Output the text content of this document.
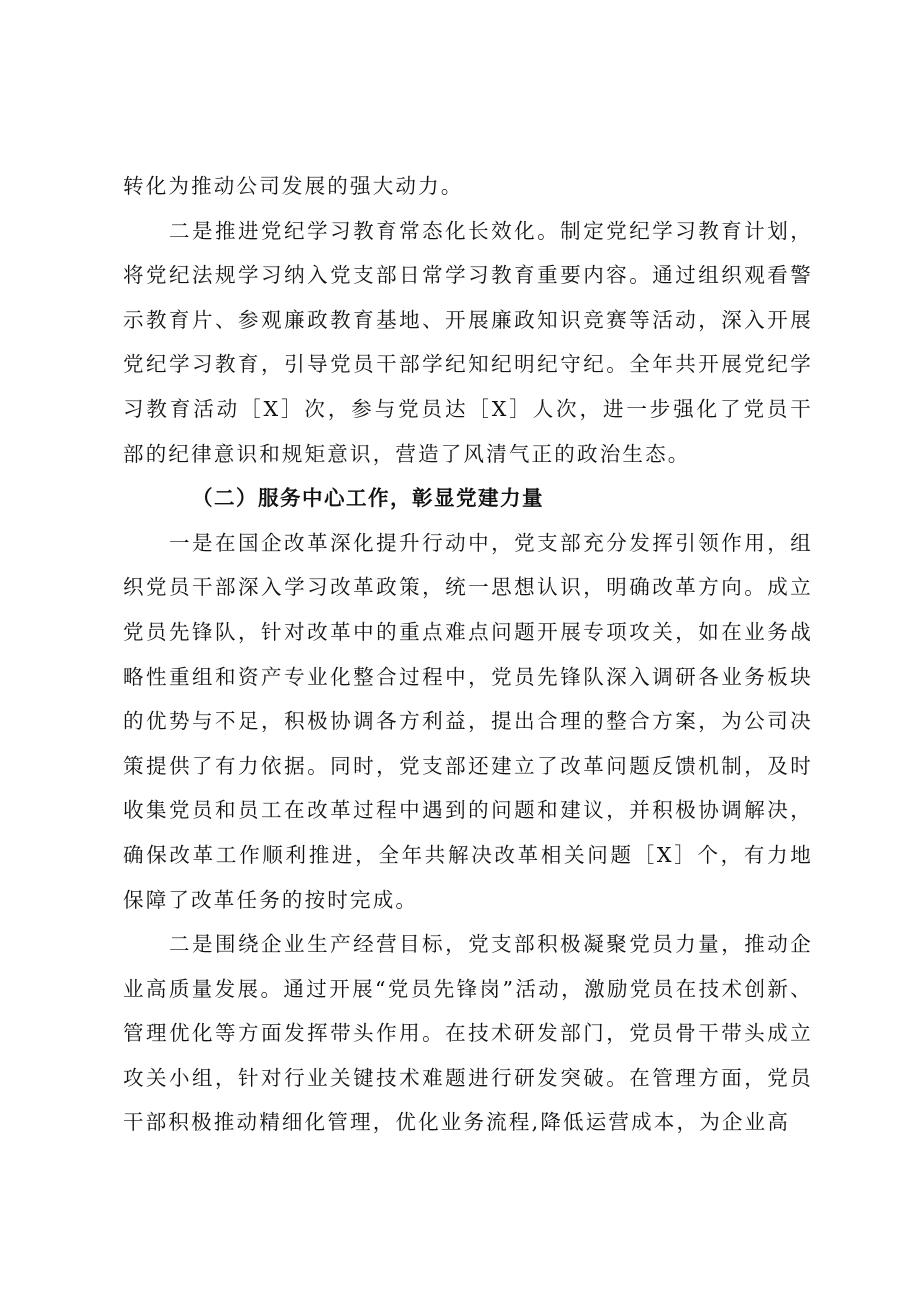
转化为推动公司发展的强大动力。

二是推进党纪学习教育常态化长效化。制定党纪学习教育计划，将党纪法规学习纳入党支部日常学习教育重要内容。通过组织观看警示教育片、参观廉政教育基地、开展廉政知识竞赛等活动，深入开展党纪学习教育，引导党员干部学纪知纪明纪守纪。全年共开展党纪学习教育活动［X］次，参与党员达［X］人次，进一步强化了党员干部的纪律意识和规矩意识，营造了风清气正的政治生态。

（二）服务中心工作，彰显党建力量

一是在国企改革深化提升行动中，党支部充分发挥引领作用，组织党员干部深入学习改革政策，统一思想认识，明确改革方向。成立党员先锋队，针对改革中的重点难点问题开展专项攻关，如在业务战略性重组和资产专业化整合过程中，党员先锋队深入调研各业务板块的优势与不足，积极协调各方利益，提出合理的整合方案，为公司决策提供了有力依据。同时，党支部还建立了改革问题反馈机制，及时收集党员和员工在改革过程中遇到的问题和建议，并积极协调解决，确保改革工作顺利推进，全年共解决改革相关问题［X］个，有力地保障了改革任务的按时完成。

二是围绕企业生产经营目标，党支部积极凝聚党员力量，推动企业高质量发展。通过开展“党员先锋岗”活动，激励党员在技术创新、管理优化等方面发挥带头作用。在技术研发部门，党员骨干带头成立攻关小组，针对行业关键技术难题进行研发突破。在管理方面，党员干部积极推动精细化管理，优化业务流程,降低运营成本，为企业高
